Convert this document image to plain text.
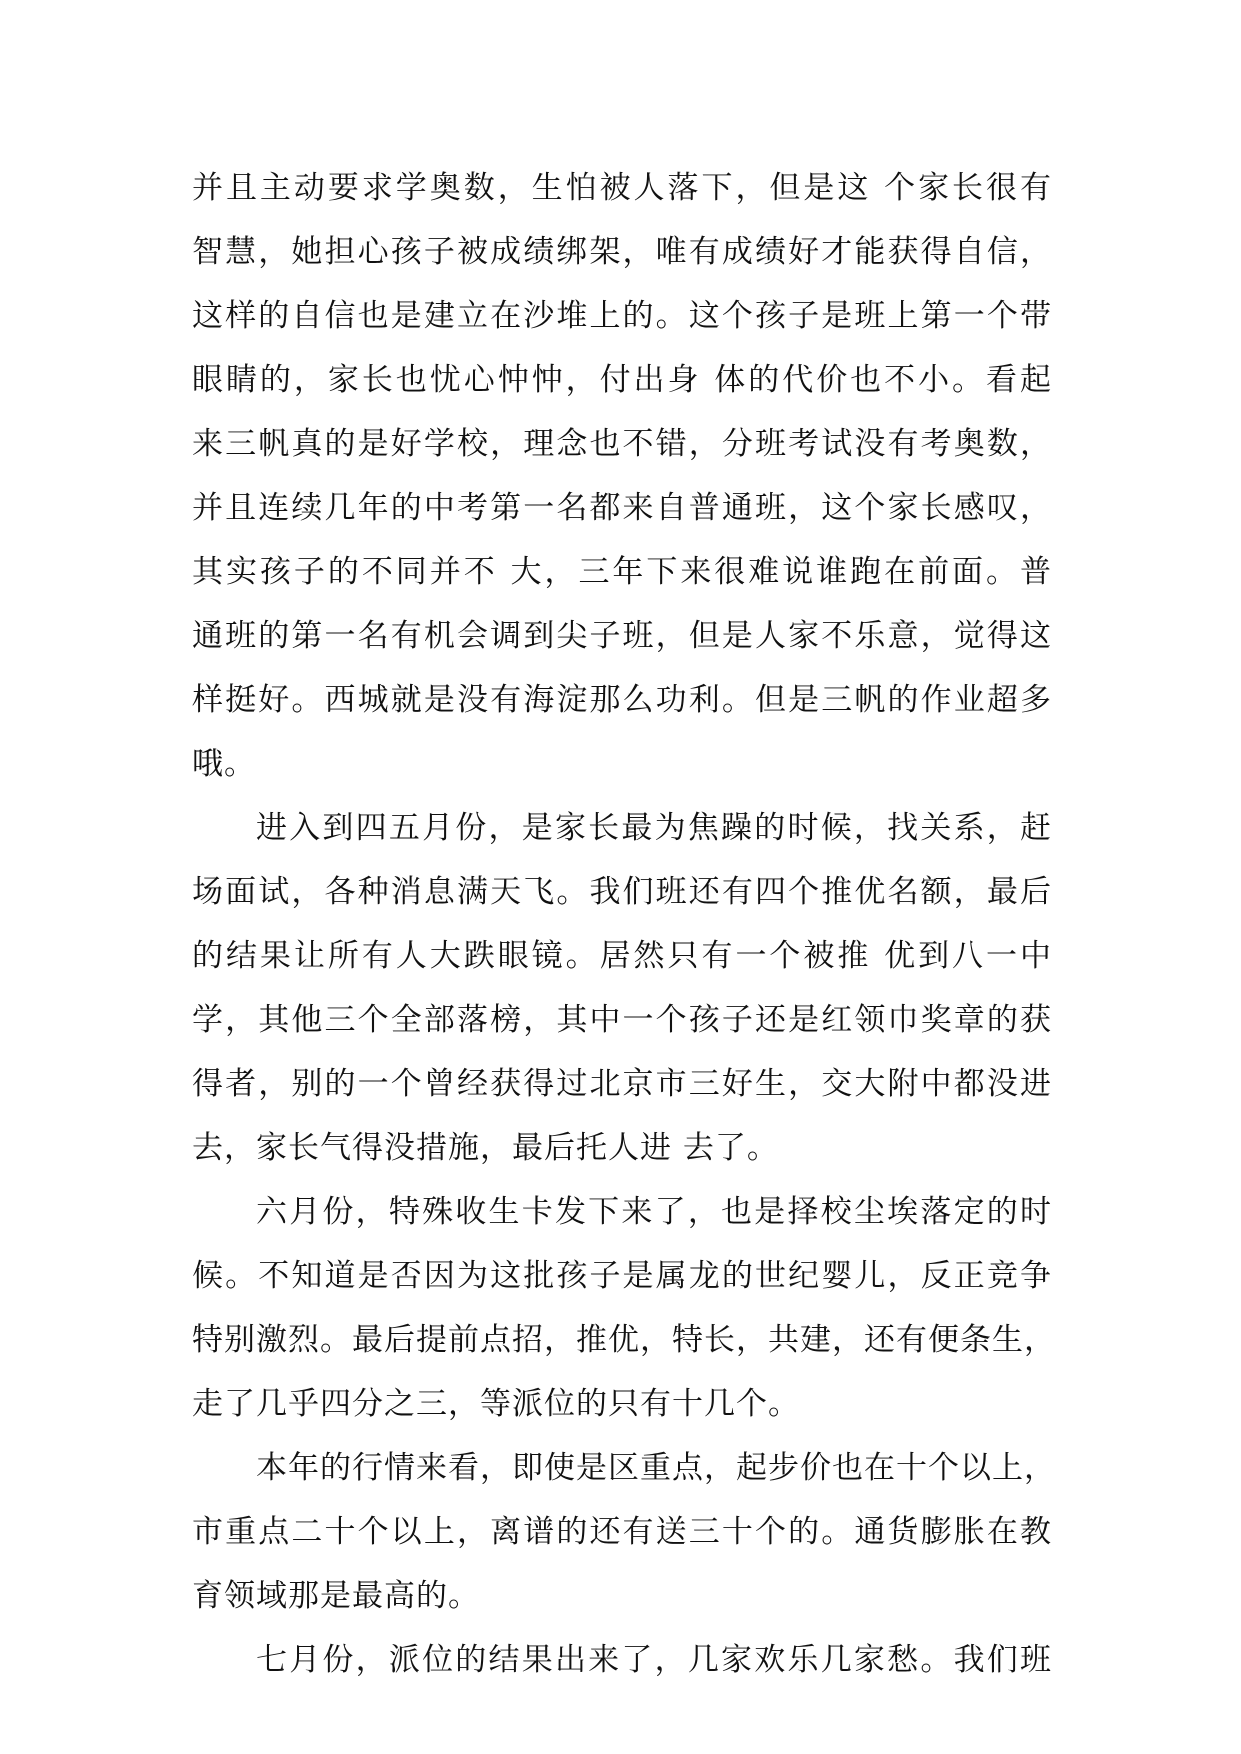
并且主动要求学奥数，生怕被人落下，但是这 个家长很有
智慧，她担心孩子被成绩绑架，唯有成绩好才能获得自信，
这样的自信也是建立在沙堆上的。这个孩子是班上第一个带
眼睛的，家长也忧心忡忡，付出身 体的代价也不小。看起
来三帆真的是好学校，理念也不错，分班考试没有考奥数，
并且连续几年的中考第一名都来自普通班，这个家长感叹，
其实孩子的不同并不 大，三年下来很难说谁跑在前面。普
通班的第一名有机会调到尖子班，但是人家不乐意，觉得这
样挺好。西城就是没有海淀那么功利。但是三帆的作业超多
哦。
进入到四五月份，是家长最为焦躁的时候，找关系，赶
场面试，各种消息满天飞。我们班还有四个推优名额，最后
的结果让所有人大跌眼镜。居然只有一个被推 优到八一中
学，其他三个全部落榜，其中一个孩子还是红领巾奖章的获
得者，别的一个曾经获得过北京市三好生，交大附中都没进
去，家长气得没措施，最后托人进 去了。
六月份，特殊收生卡发下来了，也是择校尘埃落定的时
候。不知道是否因为这批孩子是属龙的世纪婴儿，反正竞争
特别激烈。最后提前点招，推优，特长，共建，还有便条生，
走了几乎四分之三，等派位的只有十几个。
本年的行情来看，即使是区重点，起步价也在十个以上，
市重点二十个以上，离谱的还有送三十个的。通货膨胀在教
育领域那是最高的。
七月份，派位的结果出来了，几家欢乐几家愁。我们班
